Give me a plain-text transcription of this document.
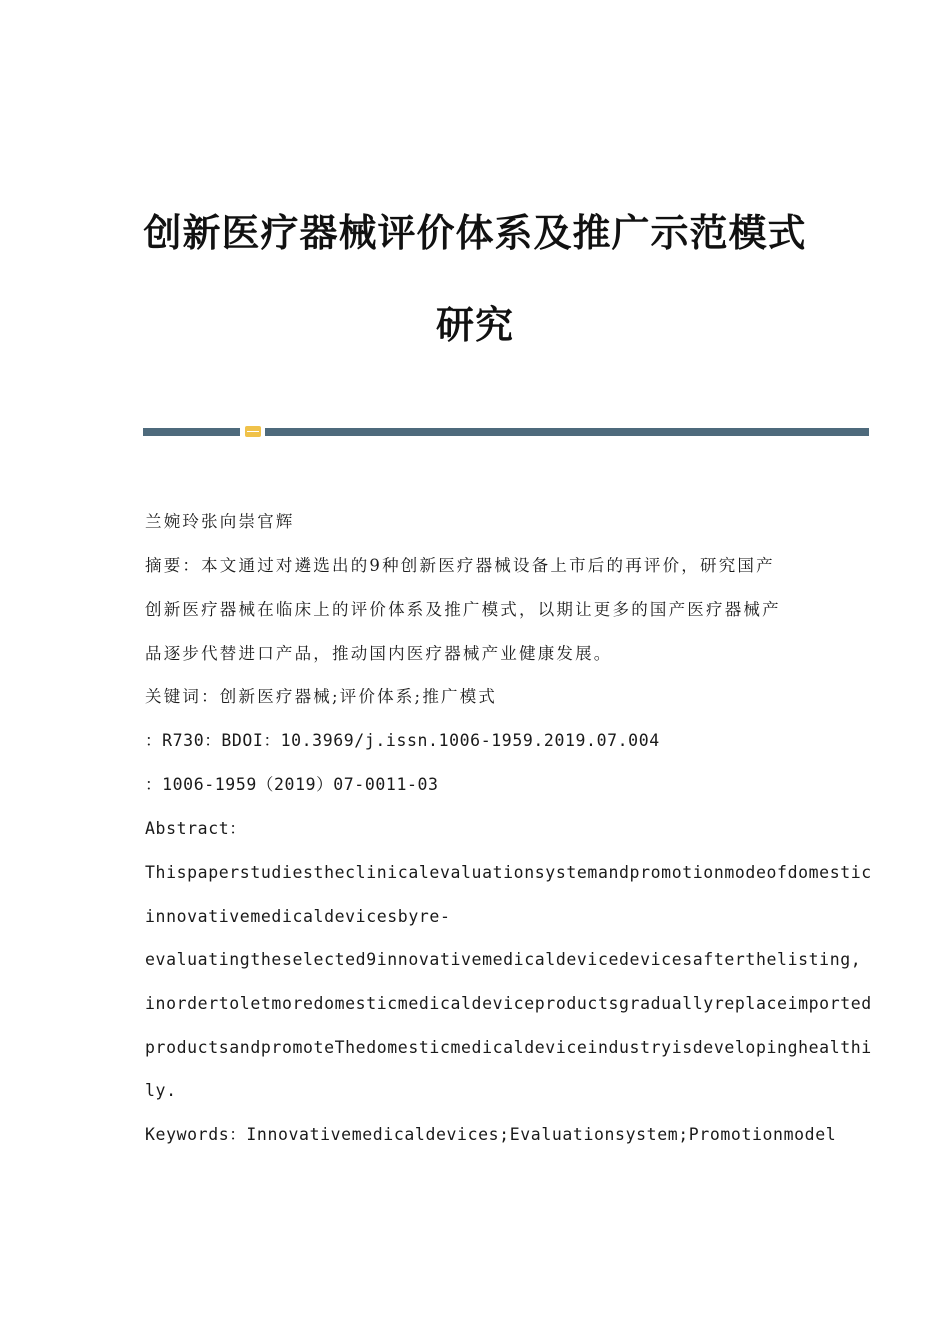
创新医疗器械评价体系及推广示范模式
研究
兰婉玲张向崇官辉
摘要：本文通过对遴选出的9种创新医疗器械设备上市后的再评价，研究国产
创新医疗器械在临床上的评价体系及推广模式，以期让更多的国产医疗器械产
品逐步代替进口产品，推动国内医疗器械产业健康发展。
关键词：创新医疗器械;评价体系;推广模式
：R730：BDOI：10.3969/j.issn.1006-1959.2019.07.004
：1006-1959（2019）07-0011-03
Abstract：
Thispaperstudiestheclinicalevaluationsystemandpromotionmodeofdomestic
innovativemedicaldevicesbyre-
evaluatingtheselected9innovativemedicaldevicedevicesafterthelisting,
inordertoletmoredomesticmedicaldeviceproductsgraduallyreplaceimported
productsandpromoteThedomesticmedicaldeviceindustryisdevelopinghealthi
ly.
Keywords：Innovativemedicaldevices;Evaluationsystem;Promotionmodel
